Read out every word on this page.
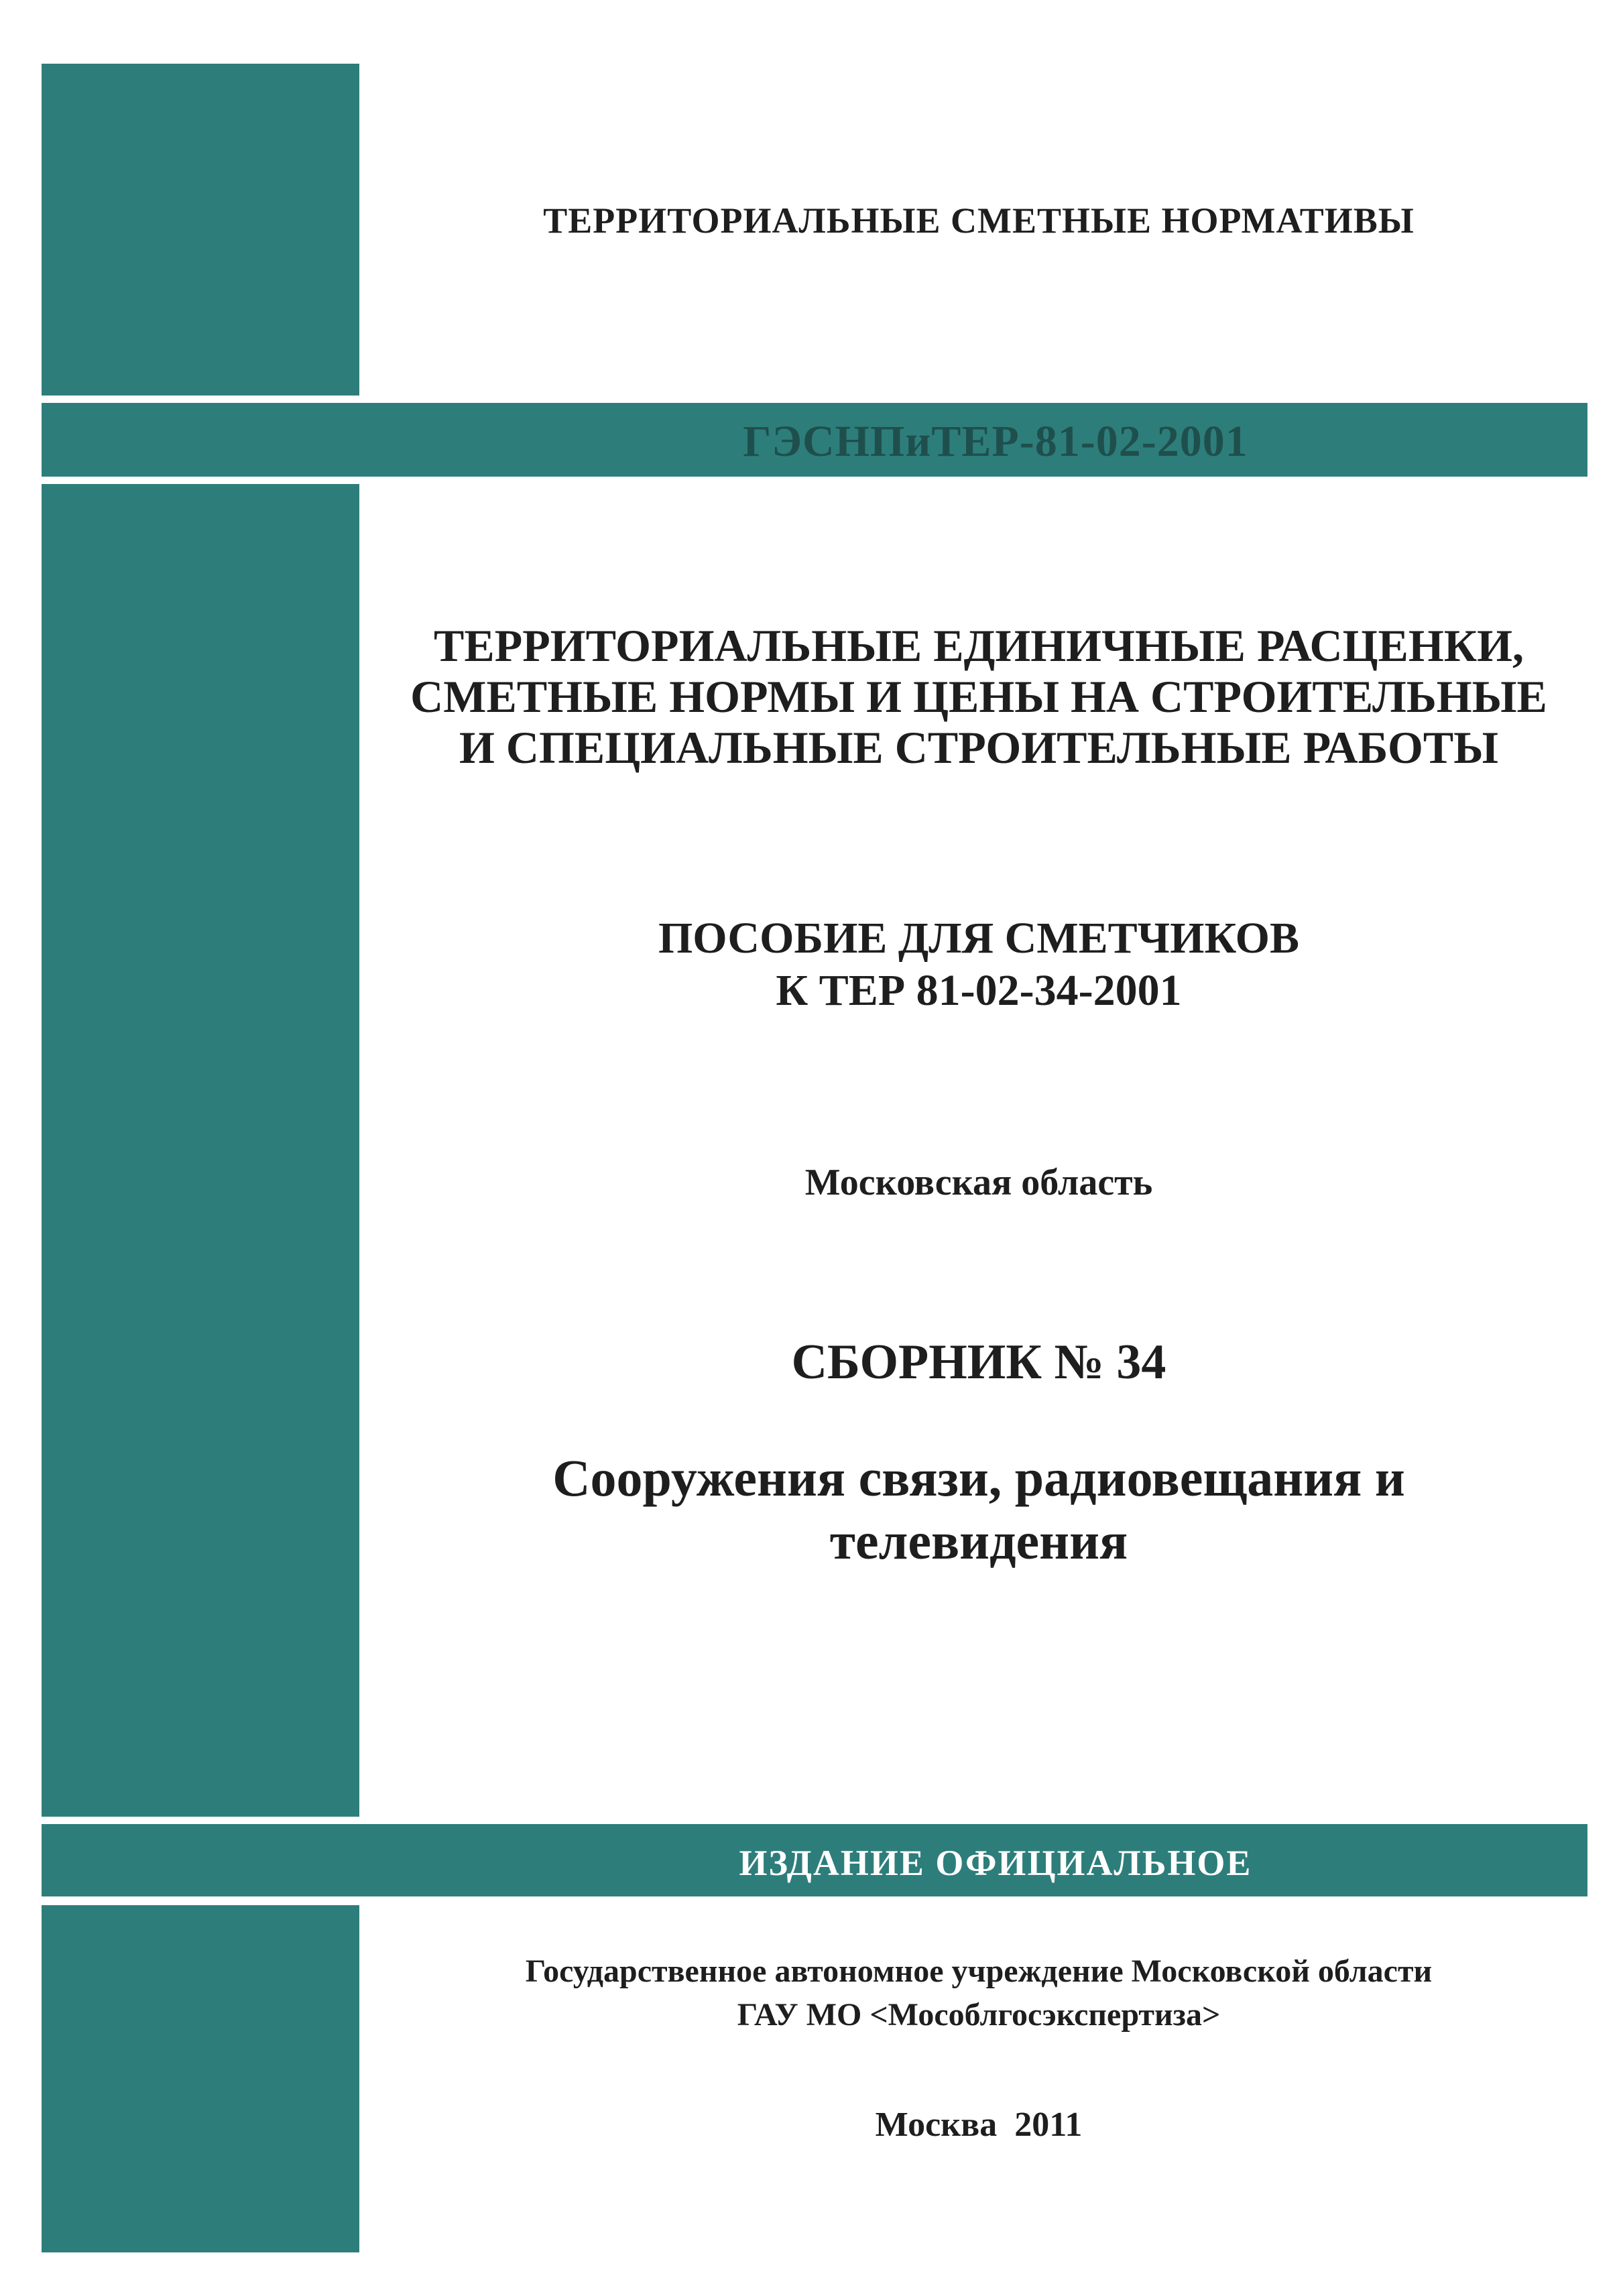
ГЭСНПиТЕР-81-02-2001
ИЗДАНИЕ ОФИЦИАЛЬНОЕ
ТЕРРИТОРИАЛЬНЫЕ СМЕТНЫЕ НОРМАТИВЫ
ТЕРРИТОРИАЛЬНЫЕ ЕДИНИЧНЫЕ РАСЦЕНКИ,
СМЕТНЫЕ НОРМЫ И ЦЕНЫ НА СТРОИТЕЛЬНЫЕ
И СПЕЦИАЛЬНЫЕ СТРОИТЕЛЬНЫЕ РАБОТЫ
ПОСОБИЕ ДЛЯ СМЕТЧИКОВ
К ТЕР 81-02-34-2001
Московская область
СБОРНИК № 34
Сооружения связи, радиовещания и
телевидения
Государственное автономное учреждение Московской области
ГАУ МО <Мособлгосэкспертиза>
Москва  2011
